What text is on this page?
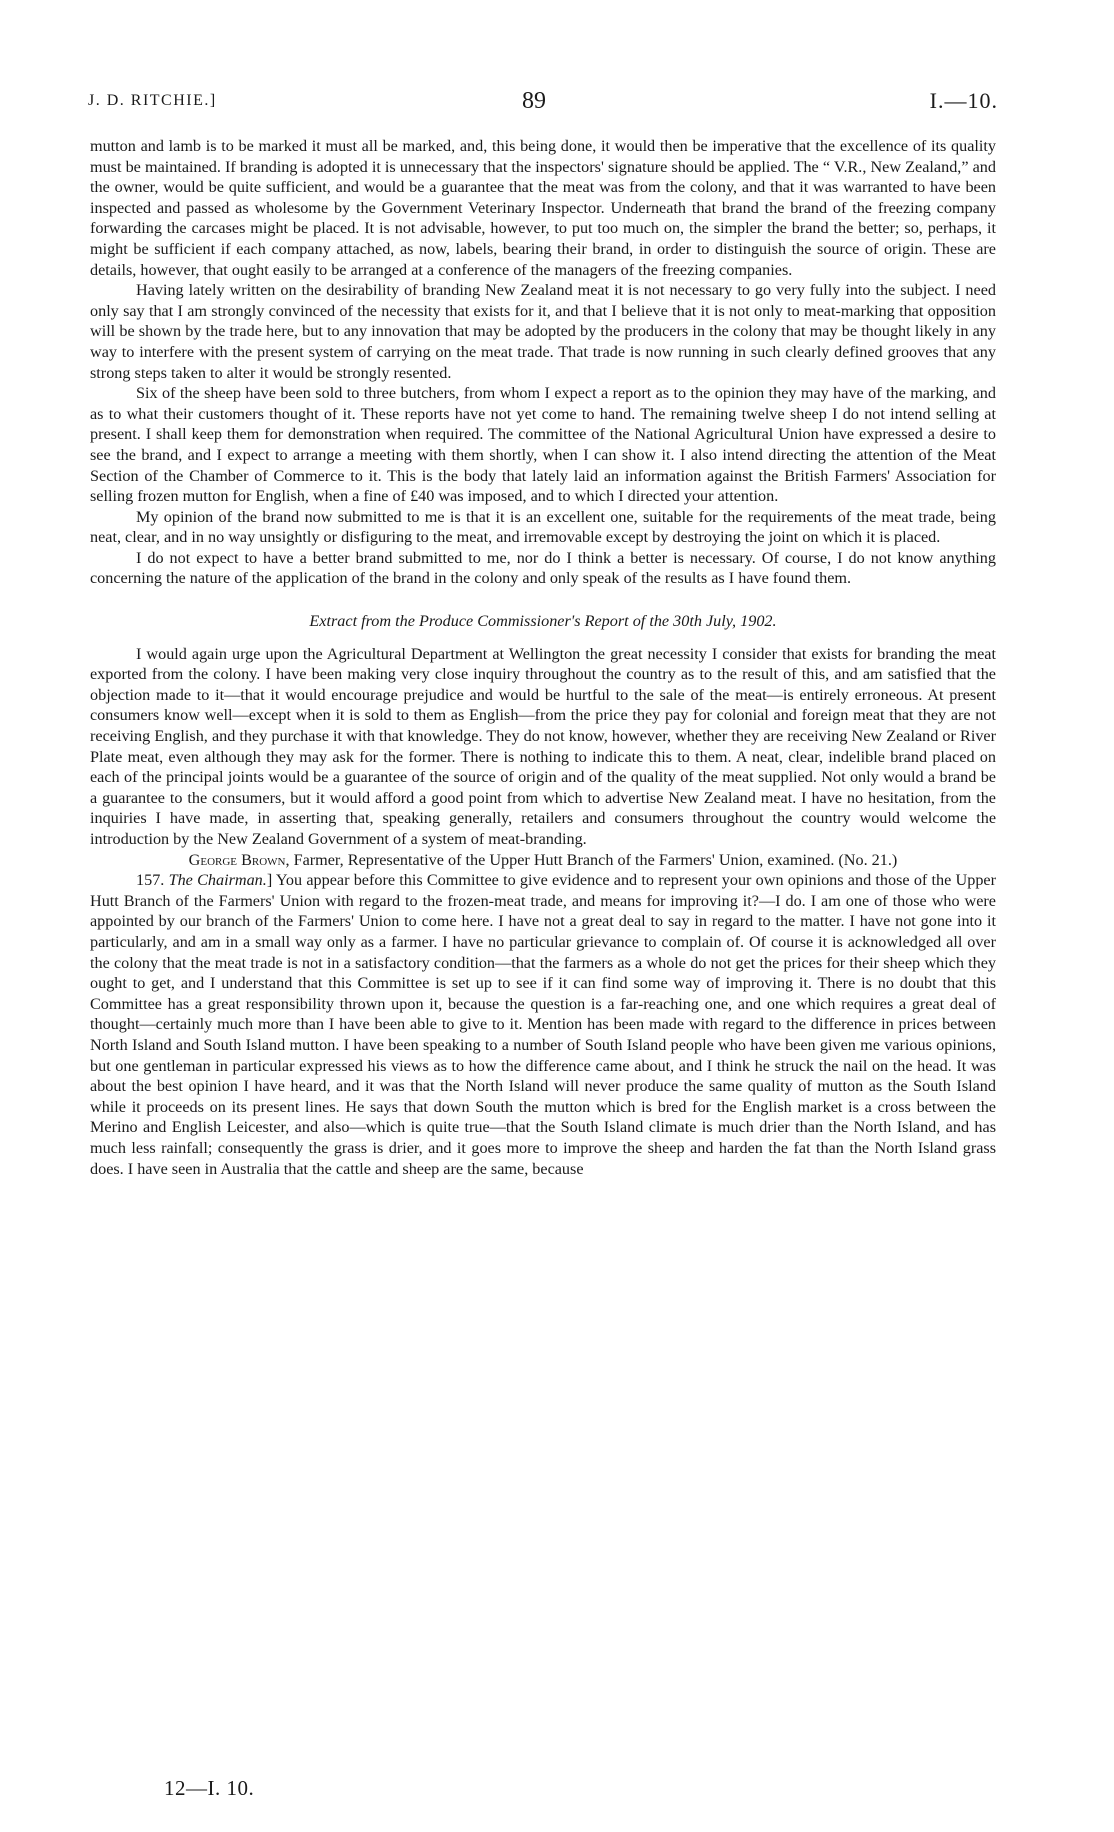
J. D. RITCHIE.]	89	I.—10.

mutton and lamb is to be marked it must all be marked, and, this being done, it would then be imperative that the excellence of its quality must be maintained. If branding is adopted it is unnecessary that the inspectors' signature should be applied. The “ V.R., New Zealand,” and the owner, would be quite sufficient, and would be a guarantee that the meat was from the colony, and that it was warranted to have been inspected and passed as wholesome by the Government Veterinary Inspector. Underneath that brand the brand of the freezing company forwarding the carcases might be placed. It is not advisable, however, to put too much on, the simpler the brand the better; so, perhaps, it might be sufficient if each company attached, as now, labels, bearing their brand, in order to distinguish the source of origin. These are details, however, that ought easily to be arranged at a conference of the managers of the freezing companies.

Having lately written on the desirability of branding New Zealand meat it is not necessary to go very fully into the subject. I need only say that I am strongly convinced of the necessity that exists for it, and that I believe that it is not only to meat-marking that opposition will be shown by the trade here, but to any innovation that may be adopted by the producers in the colony that may be thought likely in any way to interfere with the present system of carrying on the meat trade. That trade is now running in such clearly defined grooves that any strong steps taken to alter it would be strongly resented.

Six of the sheep have been sold to three butchers, from whom I expect a report as to the opinion they may have of the marking, and as to what their customers thought of it. These reports have not yet come to hand. The remaining twelve sheep I do not intend selling at present. I shall keep them for demonstration when required. The committee of the National Agricultural Union have expressed a desire to see the brand, and I expect to arrange a meeting with them shortly, when I can show it. I also intend directing the attention of the Meat Section of the Chamber of Commerce to it. This is the body that lately laid an information against the British Farmers' Association for selling frozen mutton for English, when a fine of £40 was imposed, and to which I directed your attention.

My opinion of the brand now submitted to me is that it is an excellent one, suitable for the requirements of the meat trade, being neat, clear, and in no way unsightly or disfiguring to the meat, and irremovable except by destroying the joint on which it is placed.

I do not expect to have a better brand submitted to me, nor do I think a better is necessary. Of course, I do not know anything concerning the nature of the application of the brand in the colony and only speak of the results as I have found them.

Extract from the Produce Commissioner's Report of the 30th July, 1902.

I would again urge upon the Agricultural Department at Wellington the great necessity I consider that exists for branding the meat exported from the colony. I have been making very close inquiry throughout the country as to the result of this, and am satisfied that the objection made to it—that it would encourage prejudice and would be hurtful to the sale of the meat—is entirely erroneous. At present consumers know well—except when it is sold to them as English—from the price they pay for colonial and foreign meat that they are not receiving English, and they purchase it with that knowledge. They do not know, however, whether they are receiving New Zealand or River Plate meat, even although they may ask for the former. There is nothing to indicate this to them. A neat, clear, indelible brand placed on each of the principal joints would be a guarantee of the source of origin and of the quality of the meat supplied. Not only would a brand be a guarantee to the consumers, but it would afford a good point from which to advertise New Zealand meat. I have no hesitation, from the inquiries I have made, in asserting that, speaking generally, retailers and consumers throughout the country would welcome the introduction by the New Zealand Government of a system of meat-branding.

George Brown, Farmer, Representative of the Upper Hutt Branch of the Farmers' Union, examined. (No. 21.)

157. The Chairman.] You appear before this Committee to give evidence and to represent your own opinions and those of the Upper Hutt Branch of the Farmers' Union with regard to the frozen-meat trade, and means for improving it?—I do. I am one of those who were appointed by our branch of the Farmers' Union to come here. I have not a great deal to say in regard to the matter. I have not gone into it particularly, and am in a small way only as a farmer. I have no particular grievance to complain of. Of course it is acknowledged all over the colony that the meat trade is not in a satisfactory condition—that the farmers as a whole do not get the prices for their sheep which they ought to get, and I understand that this Committee is set up to see if it can find some way of improving it. There is no doubt that this Committee has a great responsibility thrown upon it, because the question is a far-reaching one, and one which requires a great deal of thought—certainly much more than I have been able to give to it. Mention has been made with regard to the difference in prices between North Island and South Island mutton. I have been speaking to a number of South Island people who have been given me various opinions, but one gentleman in particular expressed his views as to how the difference came about, and I think he struck the nail on the head. It was about the best opinion I have heard, and it was that the North Island will never produce the same quality of mutton as the South Island while it proceeds on its present lines. He says that down South the mutton which is bred for the English market is a cross between the Merino and English Leicester, and also—which is quite true—that the South Island climate is much drier than the North Island, and has much less rainfall; consequently the grass is drier, and it goes more to improve the sheep and harden the fat than the North Island grass does. I have seen in Australia that the cattle and sheep are the same, because

12—I. 10.
